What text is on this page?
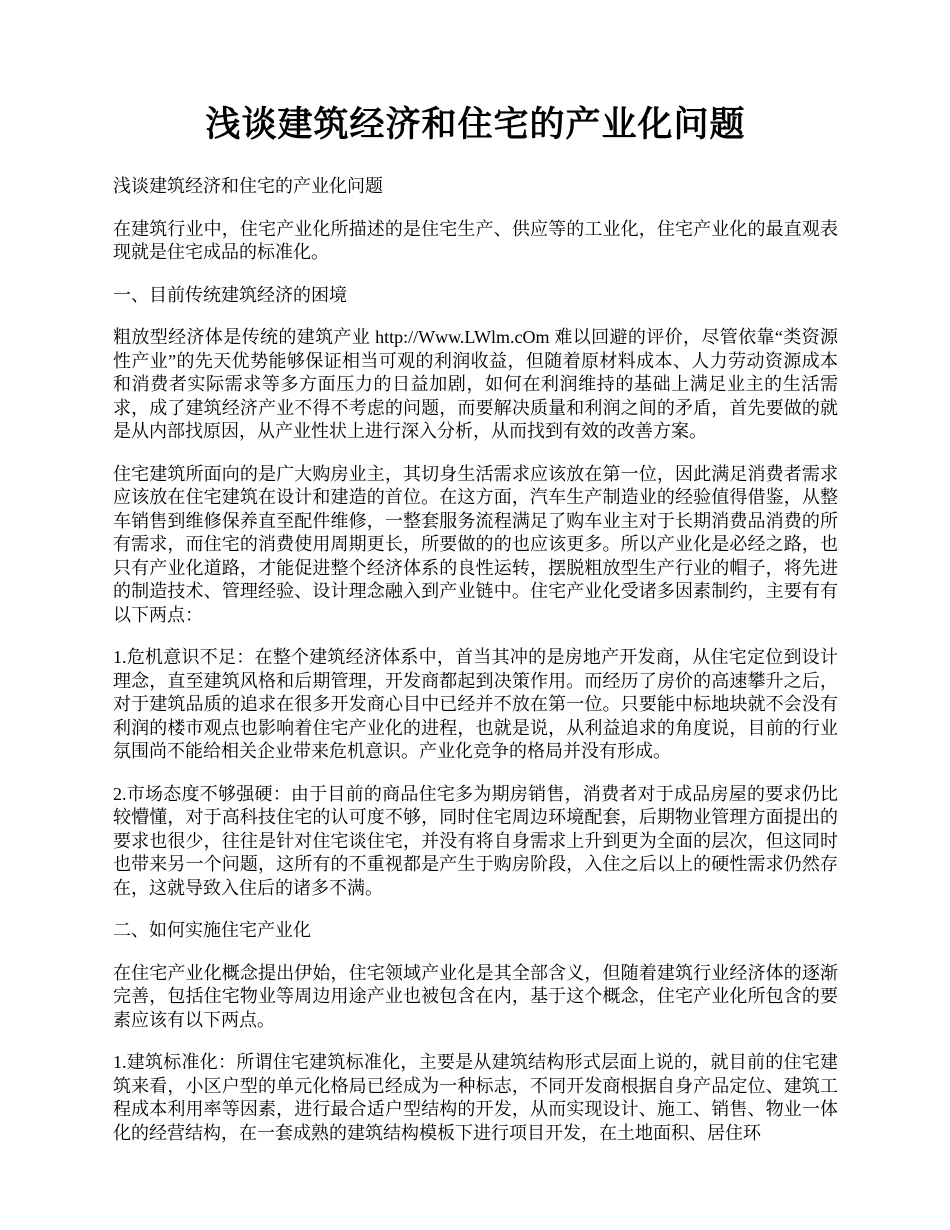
浅谈建筑经济和住宅的产业化问题

浅谈建筑经济和住宅的产业化问题

在建筑行业中，住宅产业化所描述的是住宅生产、供应等的工业化，住宅产业化的最直观表现就是住宅成品的标准化。

一、目前传统建筑经济的困境

粗放型经济体是传统的建筑产业 http://Www.LWlm.cOm 难以回避的评价，尽管依靠“类资源性产业”的先天优势能够保证相当可观的利润收益，但随着原材料成本、人力劳动资源成本和消费者实际需求等多方面压力的日益加剧，如何在利润维持的基础上满足业主的生活需求，成了建筑经济产业不得不考虑的问题，而要解决质量和利润之间的矛盾，首先要做的就是从内部找原因，从产业性状上进行深入分析，从而找到有效的改善方案。

住宅建筑所面向的是广大购房业主，其切身生活需求应该放在第一位，因此满足消费者需求应该放在住宅建筑在设计和建造的首位。在这方面，汽车生产制造业的经验值得借鉴，从整车销售到维修保养直至配件维修，一整套服务流程满足了购车业主对于长期消费品消费的所有需求，而住宅的消费使用周期更长，所要做的的也应该更多。所以产业化是必经之路，也只有产业化道路，才能促进整个经济体系的良性运转，摆脱粗放型生产行业的帽子，将先进的制造技术、管理经验、设计理念融入到产业链中。住宅产业化受诸多因素制约，主要有有以下两点：

1.危机意识不足：在整个建筑经济体系中，首当其冲的是房地产开发商，从住宅定位到设计理念，直至建筑风格和后期管理，开发商都起到决策作用。而经历了房价的高速攀升之后，对于建筑品质的追求在很多开发商心目中已经并不放在第一位。只要能中标地块就不会没有利润的楼市观点也影响着住宅产业化的进程，也就是说，从利益追求的角度说，目前的行业氛围尚不能给相关企业带来危机意识。产业化竞争的格局并没有形成。

2.市场态度不够强硬：由于目前的商品住宅多为期房销售，消费者对于成品房屋的要求仍比较懵懂，对于高科技住宅的认可度不够，同时住宅周边环境配套，后期物业管理方面提出的要求也很少，往往是针对住宅谈住宅，并没有将自身需求上升到更为全面的层次，但这同时也带来另一个问题，这所有的不重视都是产生于购房阶段，入住之后以上的硬性需求仍然存在，这就导致入住后的诸多不满。

二、如何实施住宅产业化

在住宅产业化概念提出伊始，住宅领域产业化是其全部含义，但随着建筑行业经济体的逐渐完善，包括住宅物业等周边用途产业也被包含在内，基于这个概念，住宅产业化所包含的要素应该有以下两点。

1.建筑标准化：所谓住宅建筑标准化，主要是从建筑结构形式层面上说的，就目前的住宅建筑来看，小区户型的单元化格局已经成为一种标志，不同开发商根据自身产品定位、建筑工程成本利用率等因素，进行最合适户型结构的开发，从而实现设计、施工、销售、物业一体化的经营结构，在一套成熟的建筑结构模板下进行项目开发，在土地面积、居住环
